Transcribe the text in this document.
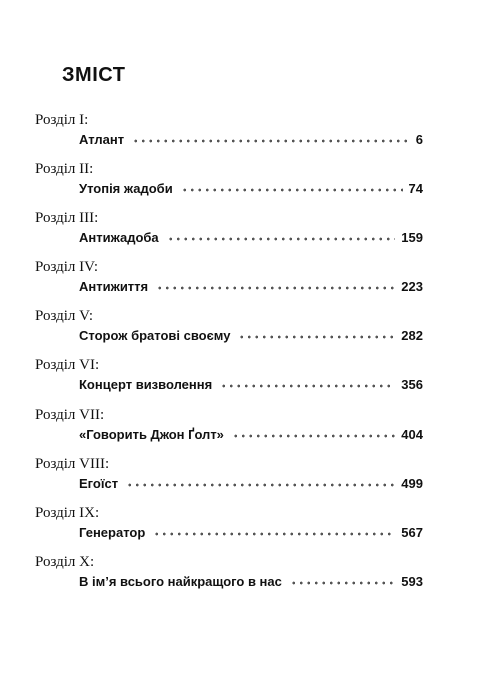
ЗМІСТ
Розділ I:
Атлант	6
Розділ II:
Утопія жадоби	74
Розділ III:
Антижадоба	159
Розділ IV:
Антижиття	223
Розділ V:
Сторож братові своєму	282
Розділ VI:
Концерт визволення	356
Розділ VII:
«Говорить Джон Ґолт»	404
Розділ VIII:
Егоїст	499
Розділ IX:
Генератор	567
Розділ X:
В ім’я всього найкращого в нас	593
